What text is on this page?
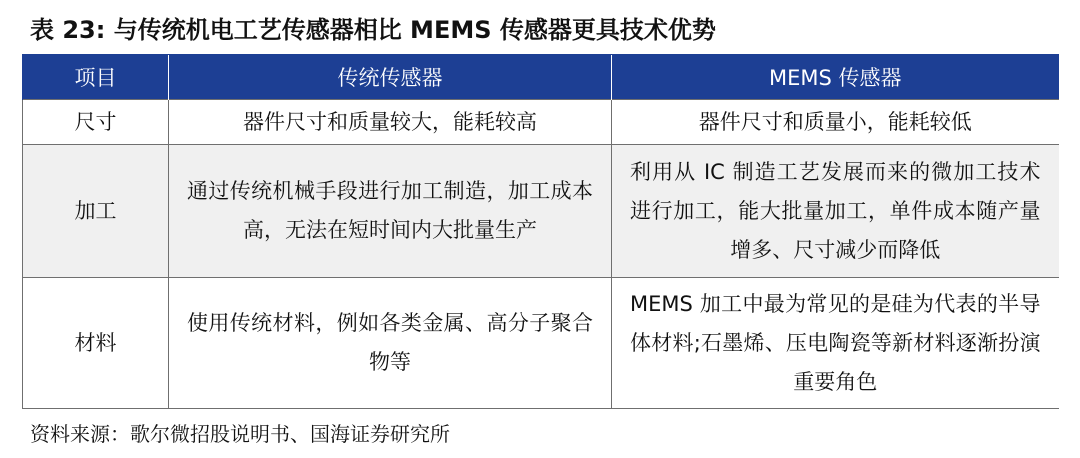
表 23: 与传统机电工艺传感器相比 MEMS 传感器更具技术优势
项目	传统传感器	MEMS 传感器
尺寸	器件尺寸和质量较大，能耗较高	器件尺寸和质量小，能耗较低
加工	通过传统机械手段进行加工制造，加工成本高，无法在短时间内大批量生产	利用从 IC 制造工艺发展而来的微加工技术进行加工，能大批量加工，单件成本随产量增多、尺寸减少而降低
材料	使用传统材料，例如各类金属、高分子聚合物等	MEMS 加工中最为常见的是硅为代表的半导体材料;石墨烯、压电陶瓷等新材料逐渐扮演重要角色
资料来源：歌尔微招股说明书、国海证券研究所
